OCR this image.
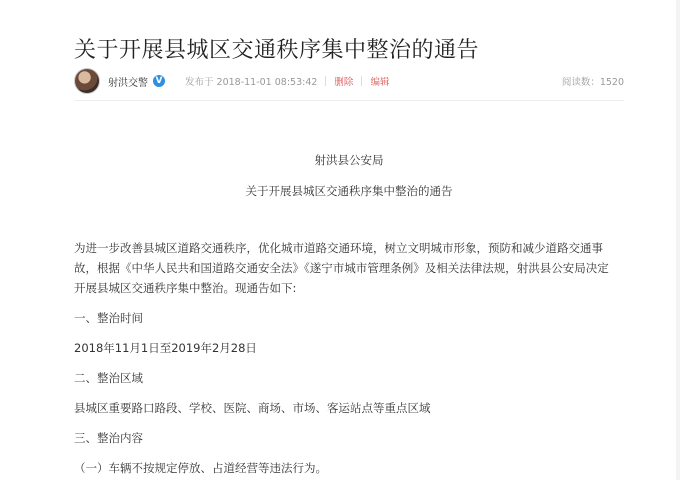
关于开展县城区交通秩序集中整治的通告
射洪交警 V 发布于 2018-11-01 08:53:42 删除 编辑	阅读数：1520
射洪县公安局
关于开展县城区交通秩序集中整治的通告
为进一步改善县城区道路交通秩序，优化城市道路交通环境，树立文明城市形象，预防和减少道路交通事故，根据《中华人民共和国道路交通安全法》《遂宁市城市管理条例》及相关法律法规，射洪县公安局决定开展县城区交通秩序集中整治。现通告如下:
一、整治时间
2018年11月1日至2019年2月28日
二、整治区域
县城区重要路口路段、学校、医院、商场、市场、客运站点等重点区域
三、整治内容
（一）车辆不按规定停放、占道经营等违法行为。
